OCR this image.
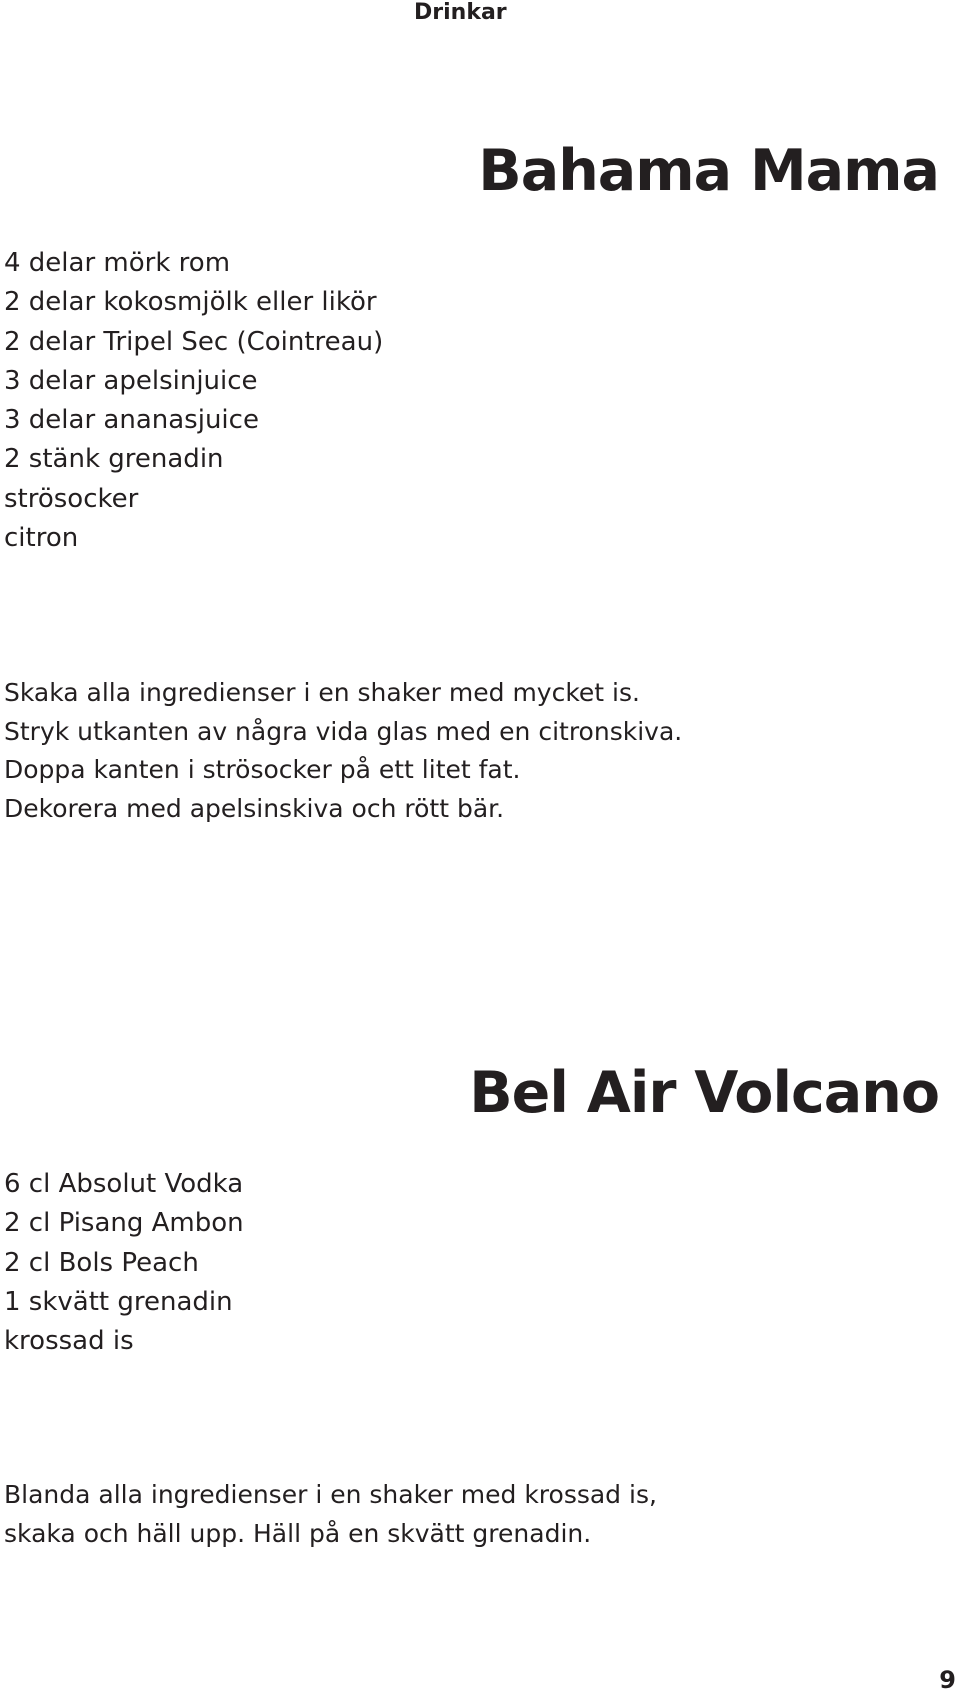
Drinkar
Bahama Mama
4 delar mörk rom
2 delar kokosmjölk eller likör
2 delar Tripel Sec (Cointreau)
3 delar apelsinjuice
3 delar ananasjuice
2 stänk grenadin
strösocker
citron

Skaka alla ingredienser i en shaker med mycket is.
Stryk utkanten av några vida glas med en citronskiva.
Doppa kanten i strösocker på ett litet fat.
Dekorera med apelsinskiva och rött bär.

Bel Air Volcano
6 cl Absolut Vodka
2 cl Pisang Ambon
2 cl Bols Peach
1 skvätt grenadin
krossad is

Blanda alla ingredienser i en shaker med krossad is,
skaka och häll upp. Häll på en skvätt grenadin.

9
